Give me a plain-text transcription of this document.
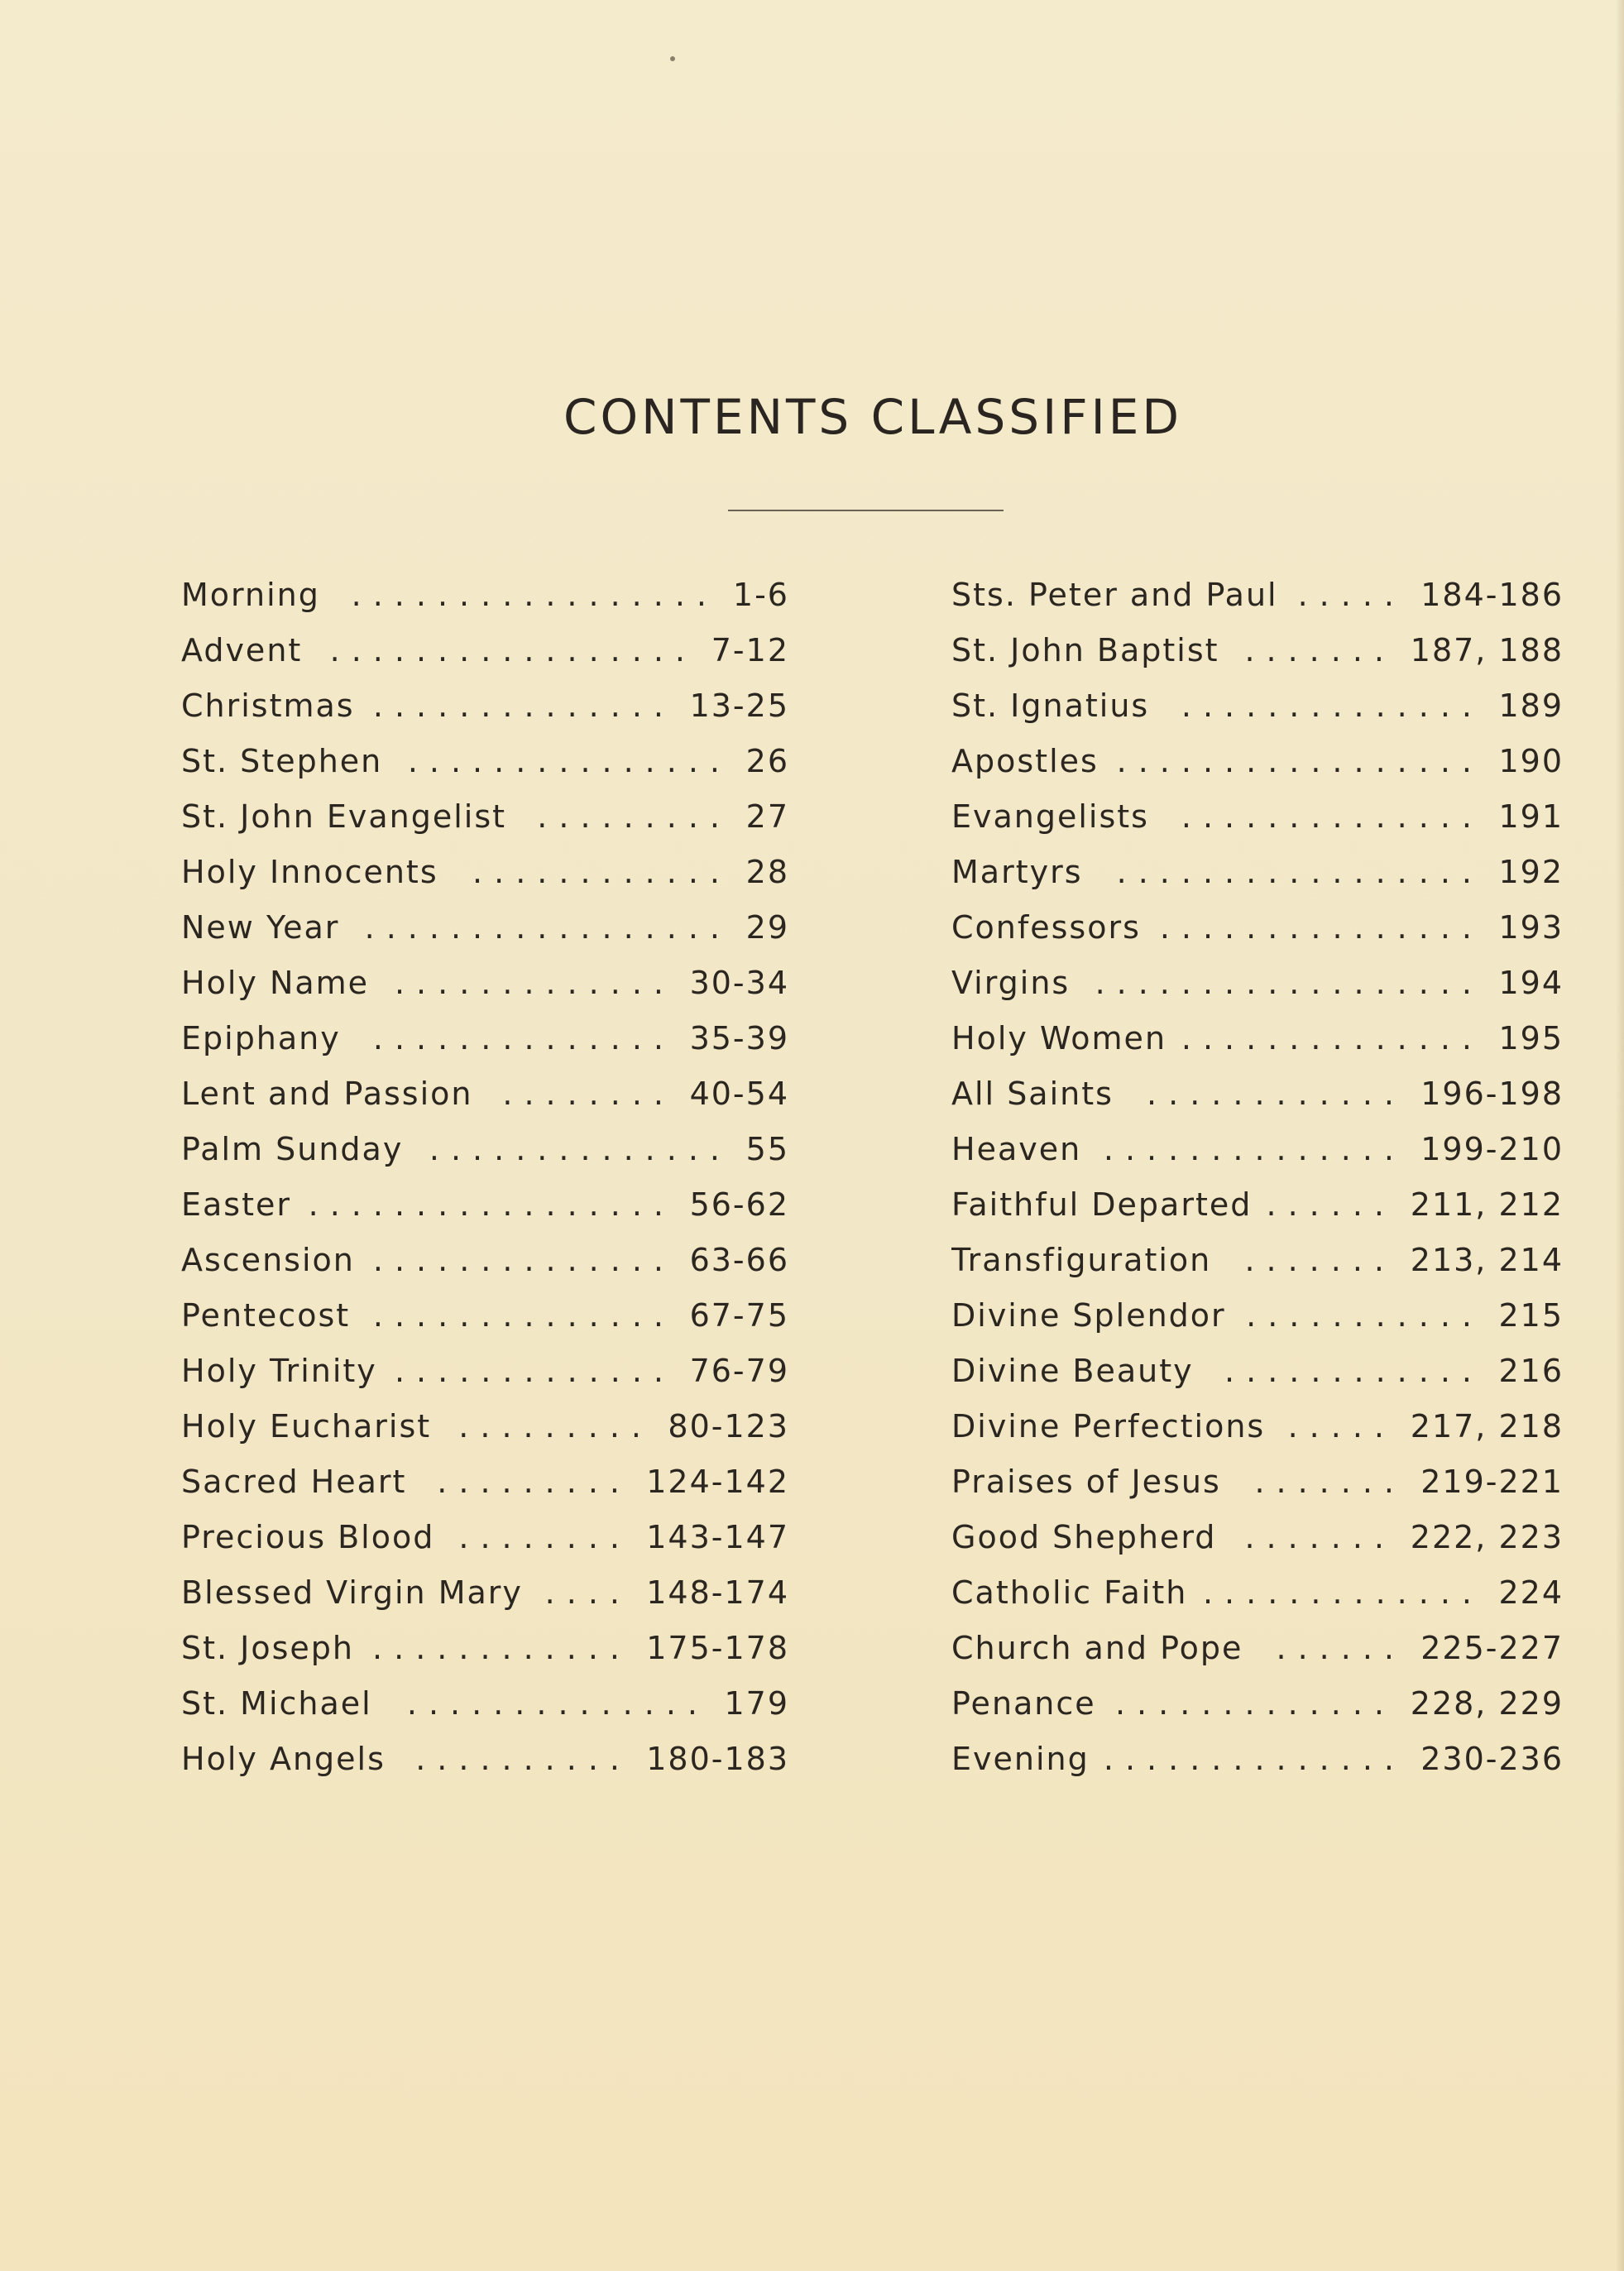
CONTENTS CLASSIFIED
Morning	1-6
.................
Advent	7-12
.................
Christmas	13-25
..............
St. Stephen	26
...............
St. John Evangelist	27
.........
Holy Innocents	28
............
New Year	29
.................
Holy Name	30-34
.............
Epiphany	35-39
..............
Lent and Passion	40-54
........
Palm Sunday	55
..............
Easter	56-62
.................
Ascension	63-66
..............
Pentecost	67-75
..............
Holy Trinity	76-79
.............
Holy Eucharist	80-123
.........
Sacred Heart	124-142
.........
Precious Blood	143-147
........
Blessed Virgin Mary	148-174
....
St. Joseph	175-178
............
St. Michael	179
..............
Holy Angels	180-183
..........
Sts. Peter and Paul	184-186
.....
St. John Baptist	187, 188
.......
St. Ignatius	189
..............
Apostles	190
.................
Evangelists	191
..............
Martyrs	192
.................
Confessors	193
...............
Virgins	194
..................
Holy Women	195
..............
All Saints	196-198
............
Heaven	199-210
..............
Faithful Departed	211, 212
......
Transfiguration	213, 214
.......
Divine Splendor	215
...........
Divine Beauty	216
............
Divine Perfections	217, 218
.....
Praises of Jesus	219-221
.......
Good Shepherd	222, 223
.......
Catholic Faith	224
.............
Church and Pope	225-227
......
Penance	228, 229
.............
Evening	230-236
..............
